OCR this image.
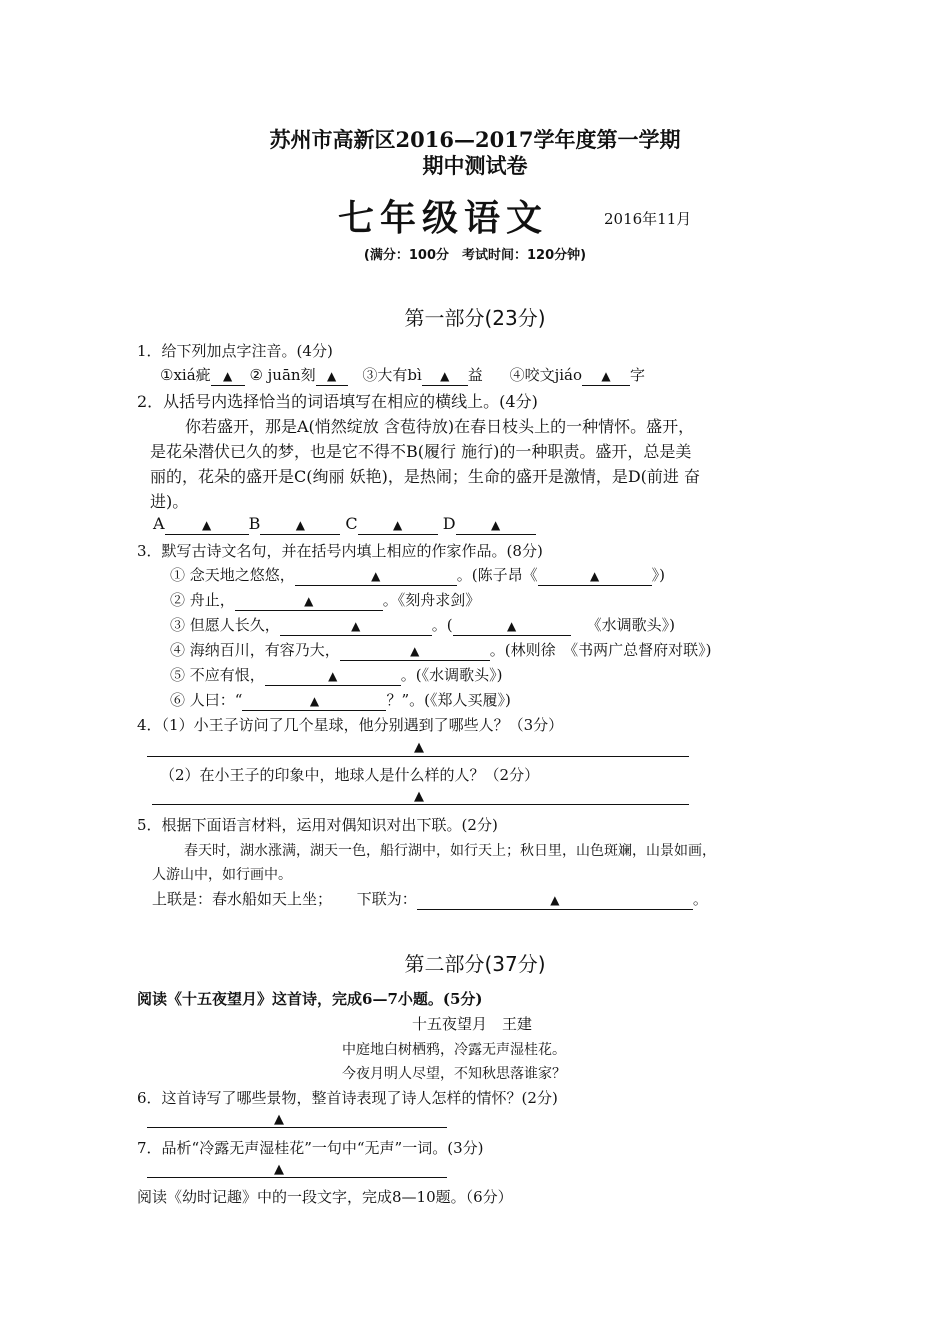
苏州市高新区2016—2017学年度第一学期
期中测试卷
七年级语文	2016年11月
(满分：100分　考试时间：120分钟)
第一部分(23分)
1．给下列加点字注音。(4分)
①xiá疵 ▲ ② juān刻 ▲ ③大有bì ▲ 益 ④咬文jiáo ▲ 字
2．从括号内选择恰当的词语填写在相应的横线上。(4分)
你若盛开，那是A(悄然绽放 含苞待放)在春日枝头上的一种情怀。盛开，
是花朵潜伏已久的梦，也是它不得不B(履行 施行)的一种职责。盛开，总是美
丽的，花朵的盛开是C(绚丽 妖艳)，是热闹；生命的盛开是激情，是D(前进 奋
进)。
A	▲ B	▲	C	▲	D	▲
3．默写古诗文名句，并在括号内填上相应的作家作品。(8分)
① 念天地之悠悠，	▲	。(陈子昂《	▲	》)
② 舟止，	▲	。《刻舟求剑》
③ 但愿人长久，	▲	。(	▲	《水调歌头》)
④ 海纳百川，有容乃大，	▲	。(林则徐　《书两广总督府对联》)
⑤ 不应有恨，	▲	。(《水调歌头》)
⑥ 人曰：“	▲	？”。(《郑人买履》)
4．（1）小王子访问了几个星球，他分别遇到了哪些人？（3分）
▲
（2）在小王子的印象中，地球人是什么样的人？（2分）
▲
5．根据下面语言材料，运用对偶知识对出下联。(2分)
春天时，湖水涨满，湖天一色，船行湖中，如行天上；秋日里，山色斑斓，山景如画，
人游山中，如行画中。
上联是：春水船如天上坐； 下联为：	▲	。
第二部分(37分)
阅读《十五夜望月》这首诗，完成6—7小题。(5分)
十五夜望月　王建
中庭地白树栖鸦，冷露无声湿桂花。
今夜月明人尽望，不知秋思落谁家？
6．这首诗写了哪些景物，整首诗表现了诗人怎样的情怀？(2分)
▲
7．品析“冷露无声湿桂花”一句中“无声”一词。(3分)
▲
阅读《幼时记趣》中的一段文字，完成8—10题。（6分）
